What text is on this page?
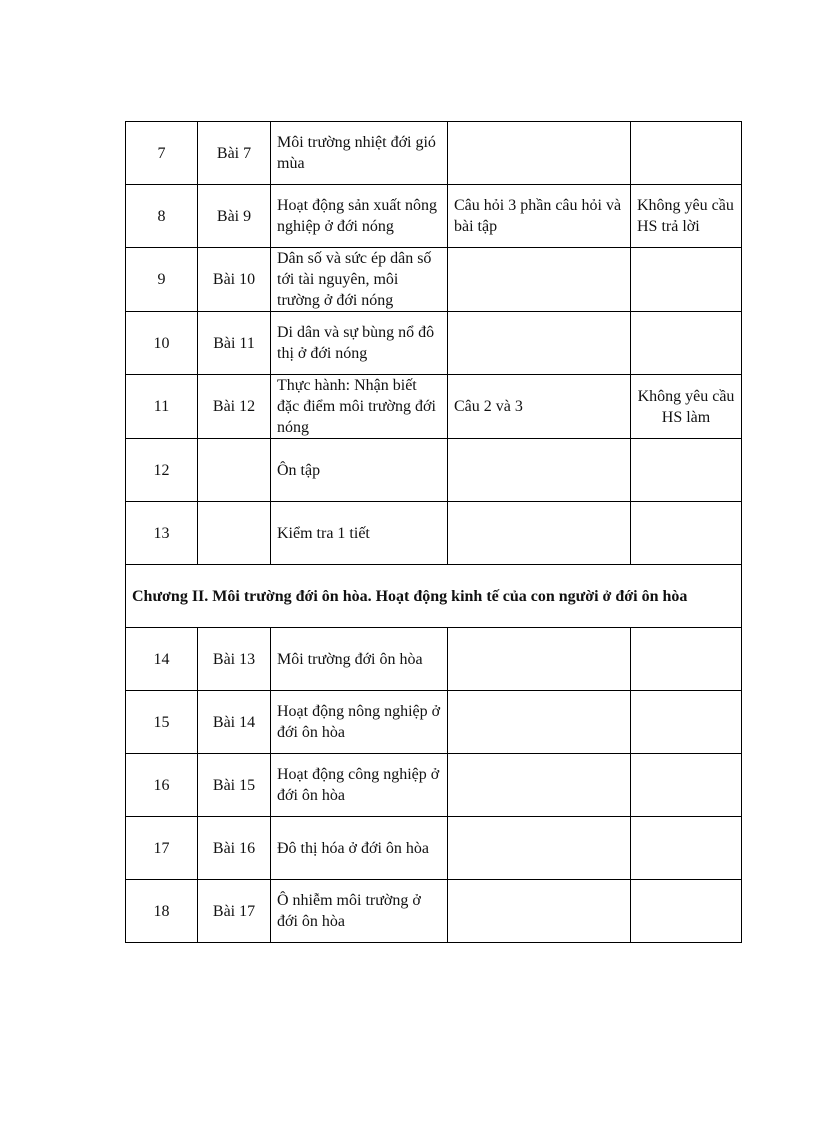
7	Bài 7	Môi trường nhiệt đới gió mùa		
8	Bài 9	Hoạt động sản xuất nông nghiệp ở đới nóng	Câu hỏi 3 phần câu hỏi và bài tập	Không yêu cầu HS trả lời
9	Bài 10	Dân số và sức ép dân số tới tài nguyên, môi trường ở đới nóng		
10	Bài 11	Di dân và sự bùng nổ đô thị ở đới nóng		
11	Bài 12	Thực hành: Nhận biết đặc điểm môi trường đới nóng	Câu 2 và 3	Không yêu cầu HS làm
12		Ôn tập		
13		Kiểm tra 1 tiết		
Chương II. Môi trường đới ôn hòa. Hoạt động kinh tế của con người ở đới ôn hòa				
14	Bài 13	Môi trường đới ôn hòa		
15	Bài 14	Hoạt động nông nghiệp ở đới ôn hòa		
16	Bài 15	Hoạt động công nghiệp ở đới ôn hòa		
17	Bài 16	Đô thị hóa ở đới ôn hòa		
18	Bài 17	Ô nhiễm môi trường ở đới ôn hòa		
